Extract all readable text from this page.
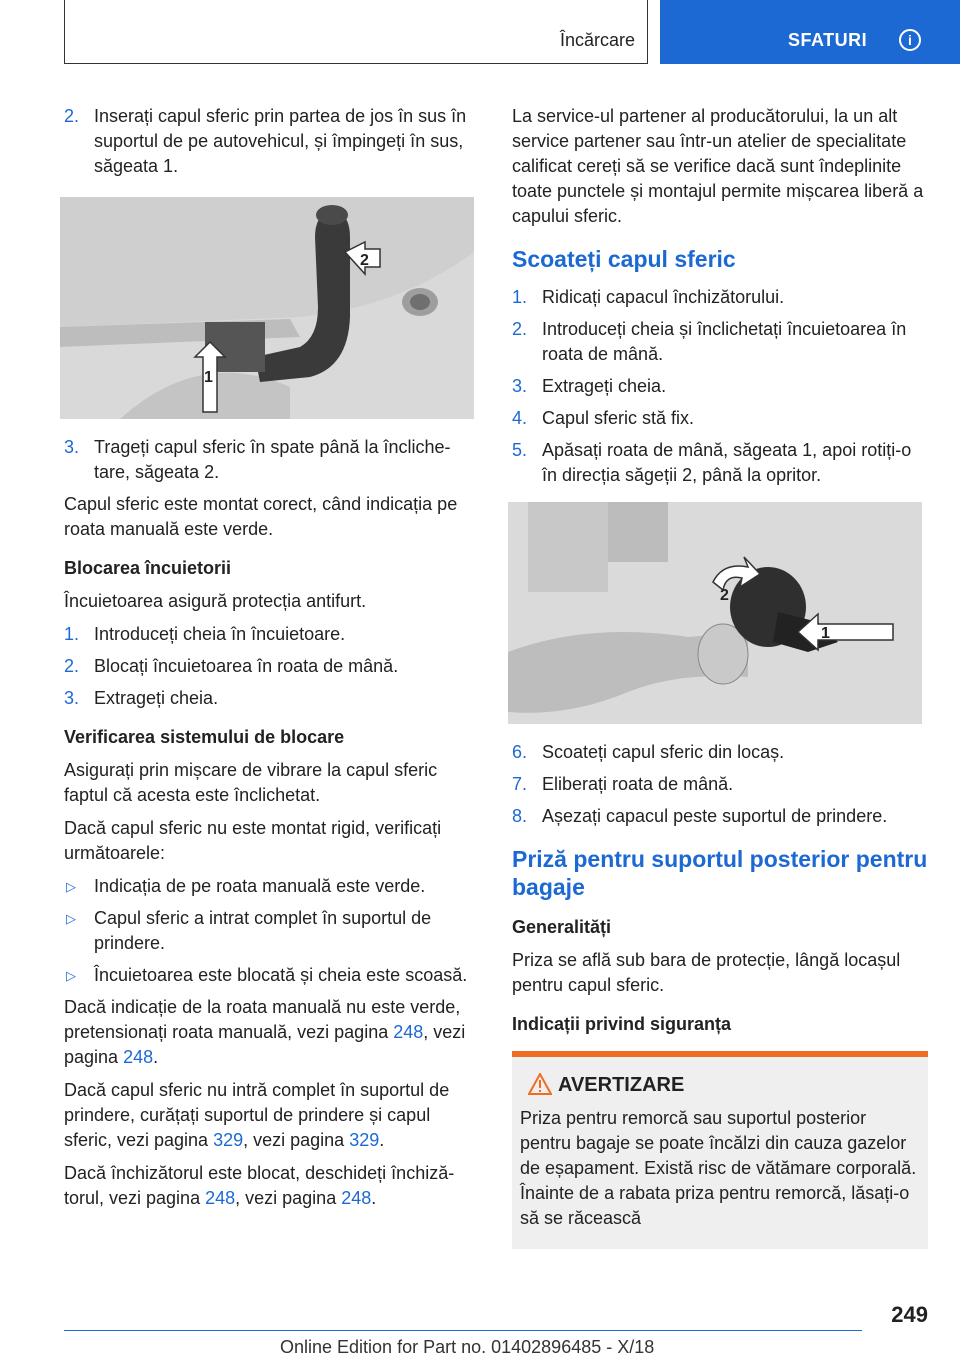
Încărcare	SFATURI	i
2. Inserați capul sferic prin partea de jos în sus în suportul de pe autovehicul, și împingeți în sus, săgeata 1.
2
1
3. Trageți capul sferic în spate până la înclichetare, săgeata 2.

Capul sferic este montat corect, când indicația pe roata manuală este verde.

Blocarea încuietorii

Încuietoarea asigură protecția antifurt.

1. Introduceți cheia în încuietoare.
2. Blocați încuietoarea în roata de mână.
3. Extrageți cheia.
Verificarea sistemului de blocare

Asigurați prin mișcare de vibrare la capul sferic faptul că acesta este înclichetat.

Dacă capul sferic nu este montat rigid, verificați următoarele:

▷ Indicația de pe roata manuală este verde.
▷ Capul sferic a intrat complet în suportul de prindere.
▷ Încuietoarea este blocată și cheia este scoasă.

Dacă indicație de la roata manuală nu este verde, pretensionați roata manuală, vezi pagina 248, vezi pagina 248.

Dacă capul sferic nu intră complet în suportul de prindere, curățați suportul de prindere și capul sferic, vezi pagina 329, vezi pagina 329.

Dacă închizătorul este blocat, deschideți închizătorul, vezi pagina 248, vezi pagina 248.

La service-ul partener al producătorului, la un alt service partener sau într-un atelier de specialitate calificat cereți să se verifice dacă sunt îndeplinite toate punctele și montajul permite mișcarea liberă a capului sferic.

Scoateți capul sferic
1. Ridicați capacul închizătorului.
2. Introduceți cheia și înclichetați încuietoarea în roata de mână.
3. Extrageți cheia.
4. Capul sferic stă fix.
5. Apăsați roata de mână, săgeata 1, apoi rotiți-o în direcția săgeții 2, până la opritor.
2
1
6. Scoateți capul sferic din locaș.
7. Eliberați roata de mână.
8. Așezați capacul peste suportul de prindere.
Priză pentru suportul posterior pentru bagaje
Generalități

Priza se află sub bara de protecție, lângă locașul pentru capul sferic.

Indicații privind siguranța
AVERTIZARE
Priza pentru remorcă sau suportul posterior pentru bagaje se poate încălzi din cauza gazelor de eșapament. Există risc de vătămare corporală. Înainte de a rabata priza pentru remorcă, lăsați-o să se răcească
249
Online Edition for Part no. 01402896485 - X/18
